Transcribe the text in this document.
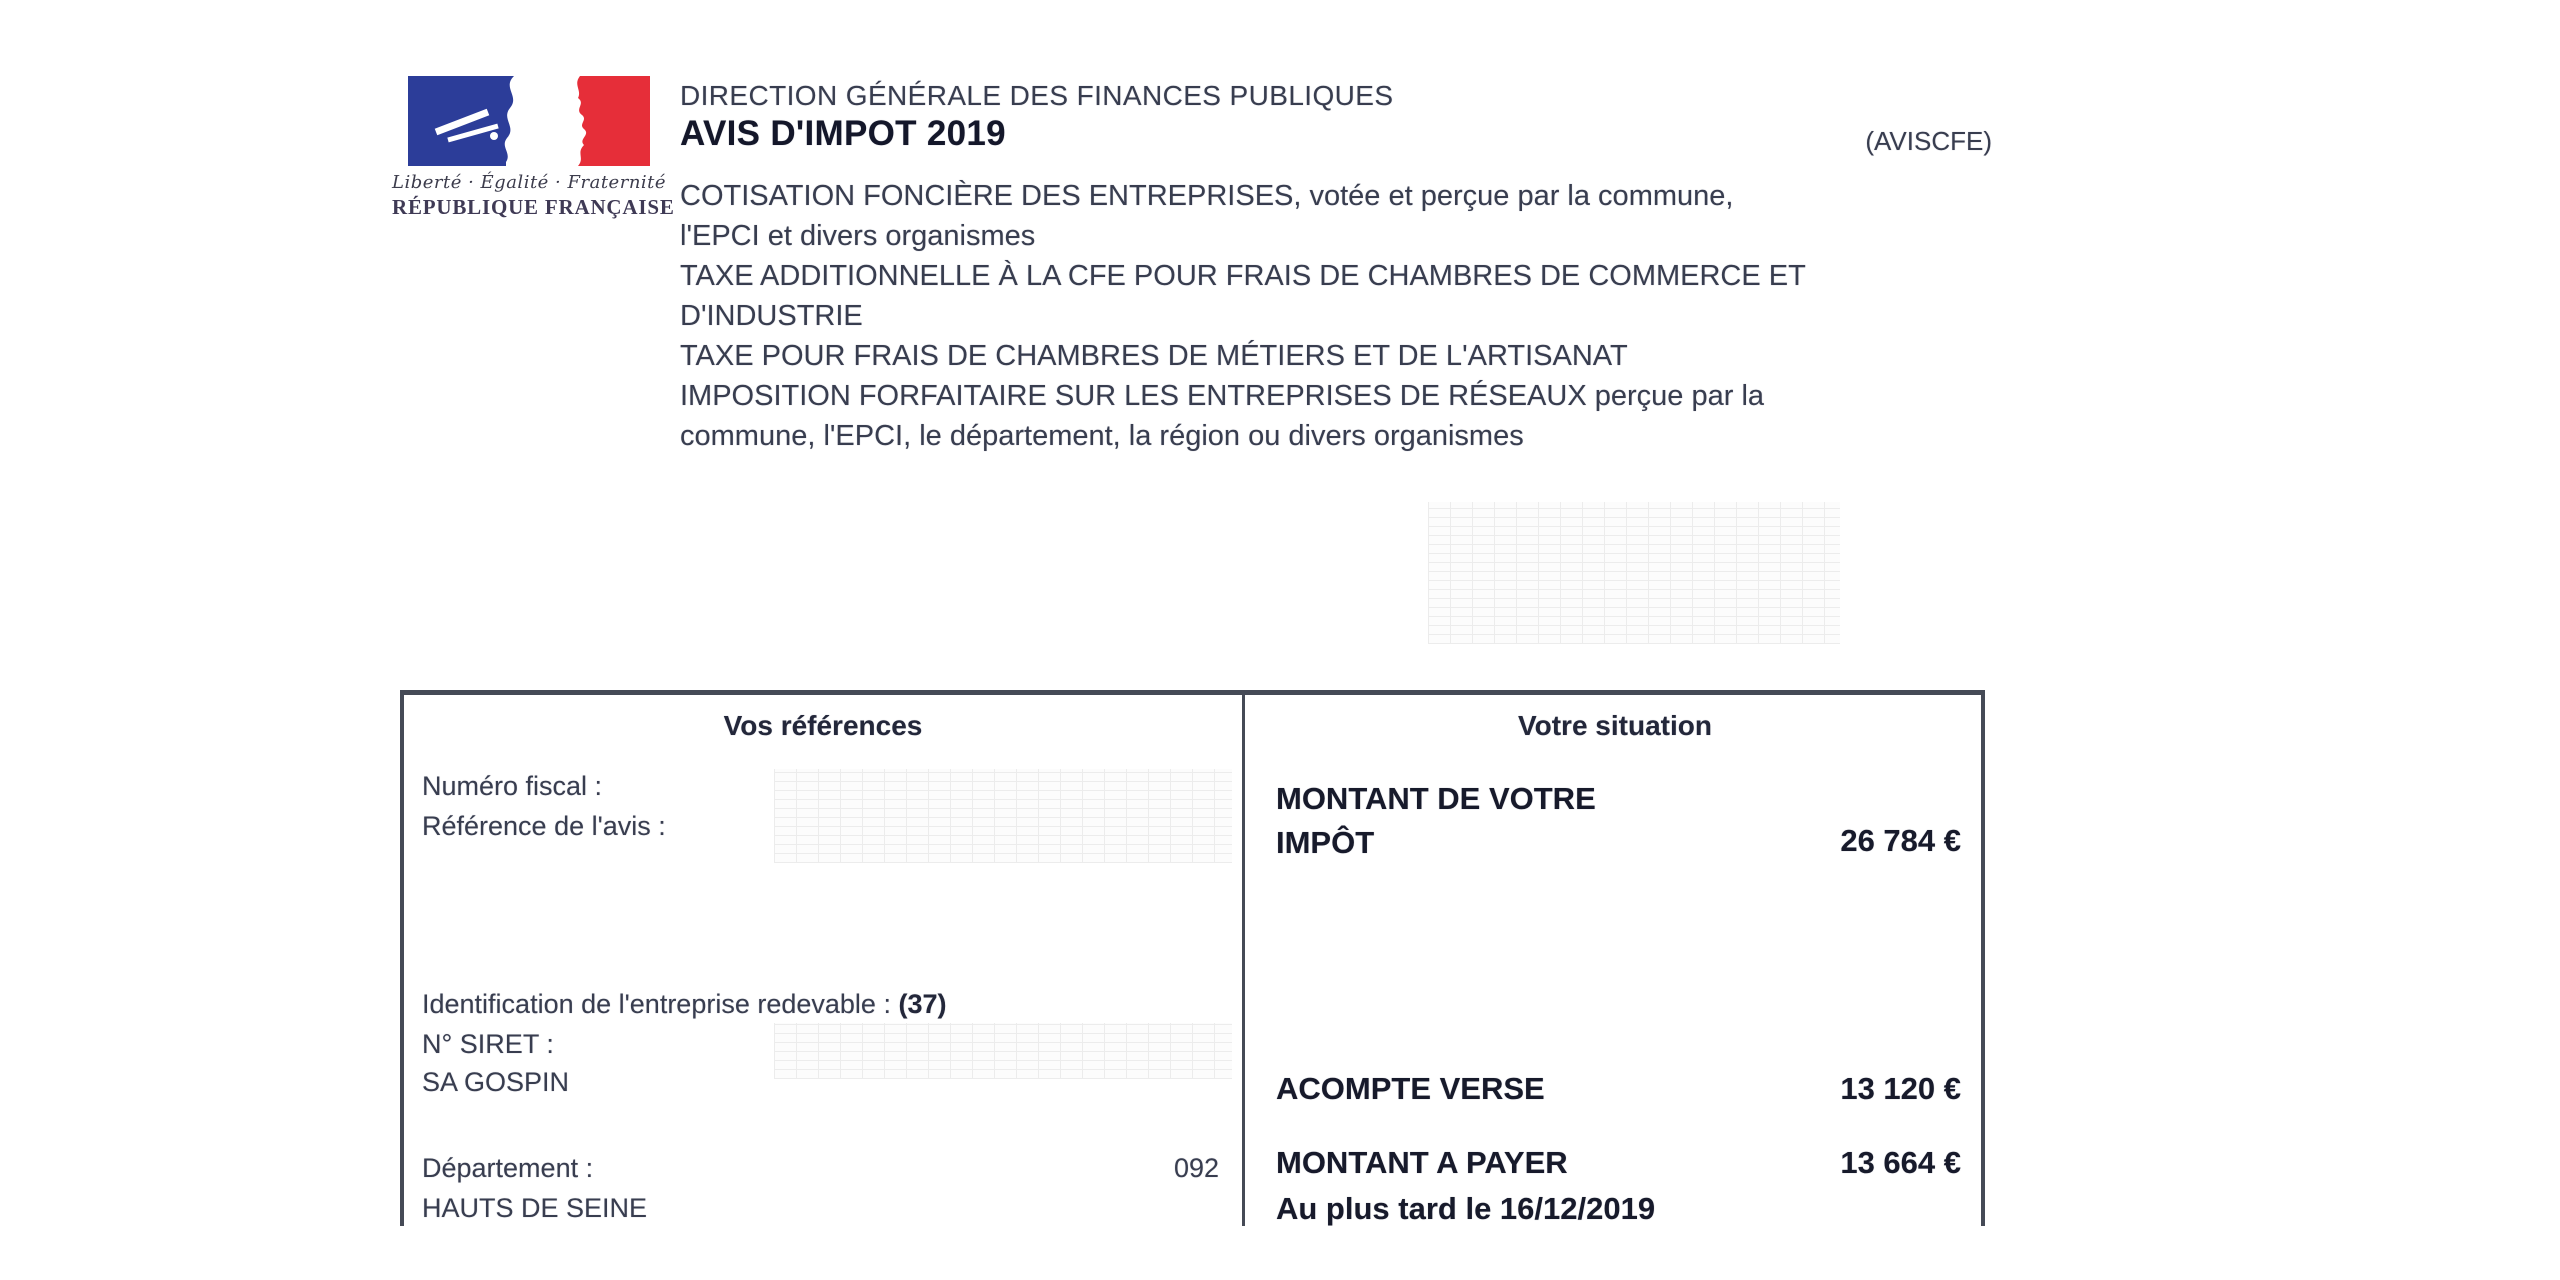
Liberté · Égalité · Fraternité
RÉPUBLIQUE FRANÇAISE
DIRECTION GÉNÉRALE DES FINANCES PUBLIQUES
AVIS D'IMPOT 2019	(AVISCFE)
COTISATION FONCIÈRE DES ENTREPRISES, votée et perçue par la commune,
l'EPCI et divers organismes
TAXE ADDITIONNELLE À LA CFE POUR FRAIS DE CHAMBRES DE COMMERCE ET
D'INDUSTRIE
TAXE POUR FRAIS DE CHAMBRES DE MÉTIERS ET DE L'ARTISANAT
IMPOSITION FORFAITAIRE SUR LES ENTREPRISES DE RÉSEAUX perçue par la
commune, l'EPCI, le département, la région ou divers organismes
Vos références	Votre situation
Numéro fiscal :
Référence de l'avis :
Identification de l'entreprise redevable : (37)
N° SIRET :
SA GOSPIN
Département :	092
HAUTS DE SEINE
MONTANT DE VOTRE IMPÔT	26 784 €
ACOMPTE VERSE	13 120 €
MONTANT A PAYER	13 664 €
Au plus tard le 16/12/2019
